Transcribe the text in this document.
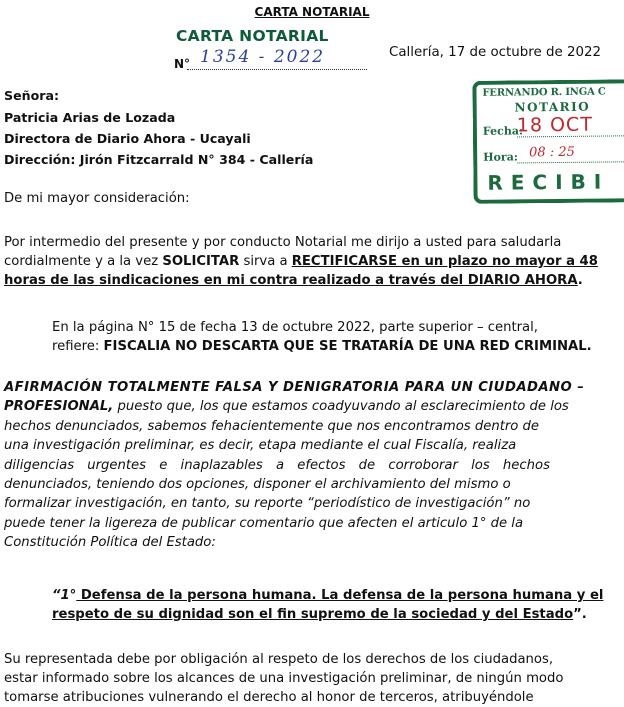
CARTA NOTARIAL
CARTA NOTARIAL
N° 1354 - 2022	Callería, 17 de octubre de 2022
FERNANDO R. INGA C
NOTARIO
Fecha:
18 OCT
Hora: 08 : 25
RECIBI
Señora:
Patricia Arias de Lozada
Directora de Diario Ahora - Ucayali
Dirección: Jirón Fitzcarrald N° 384 - Callería
De mi mayor consideración:
Por intermedio del presente y por conducto Notarial me dirijo a usted para saludarla
cordialmente y a la vez SOLICITAR sirva a RECTIFICARSE en un plazo no mayor a 48
horas de las sindicaciones en mi contra realizado a través del DIARIO AHORA.
En la página N° 15 de fecha 13 de octubre 2022, parte superior – central,
refiere: FISCALIA NO DESCARTA QUE SE TRATARÍA DE UNA RED CRIMINAL.
AFIRMACIÓN TOTALMENTE FALSA Y DENIGRATORIA PARA UN CIUDADANO –
PROFESIONAL, puesto que, los que estamos coadyuvando al esclarecimiento de los
hechos denunciados, sabemos fehacientemente que nos encontramos dentro de
una investigación preliminar, es decir, etapa mediante el cual Fiscalía, realiza
diligencias urgentes e inaplazables a efectos de corroborar los hechos
denunciados, teniendo dos opciones, disponer el archivamiento del mismo o
formalizar investigación, en tanto, su reporte “periodístico de investigación” no
puede tener la ligereza de publicar comentario que afecten el articulo 1° de la
Constitución Política del Estado:
“1° Defensa de la persona humana. La defensa de la persona humana y el
respeto de su dignidad son el fin supremo de la sociedad y del Estado”.
Su representada debe por obligación al respeto de los derechos de los ciudadanos,
estar informado sobre los alcances de una investigación preliminar, de ningún modo
tomarse atribuciones vulnerando el derecho al honor de terceros, atribuyéndole
